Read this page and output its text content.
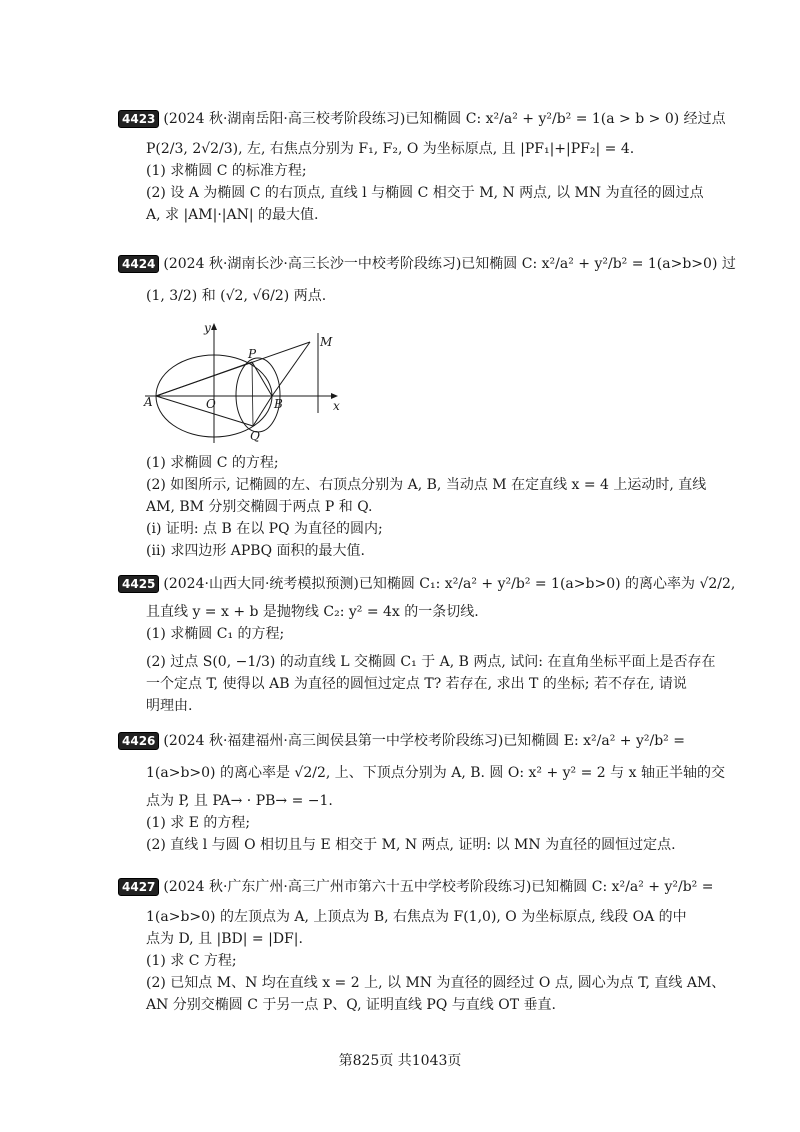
4423 (2024 秋·湖南岳阳·高三校考阶段练习)已知椭圆 C: x²/a² + y²/b² = 1(a > b > 0) 经过点

P(2/3, 2√2/3), 左, 右焦点分别为 F₁, F₂, O 为坐标原点, 且 |PF₁|+|PF₂| = 4.

(1) 求椭圆 C 的标准方程;

(2) 设 A 为椭圆 C 的右顶点, 直线 l 与椭圆 C 相交于 M, N 两点, 以 MN 为直径的圆过点

A, 求 |AM|·|AN| 的最大值.

4424 (2024 秋·湖南长沙·高三长沙一中校考阶段练习)已知椭圆 C: x²/a² + y²/b² = 1(a>b>0) 过

(1, 3/2) 和 (√2, √6/2) 两点.

y
x
A	O	B
P
Q
M

(1) 求椭圆 C 的方程;

(2) 如图所示, 记椭圆的左、右顶点分别为 A, B, 当动点 M 在定直线 x = 4 上运动时, 直线

AM, BM 分别交椭圆于两点 P 和 Q.

(i) 证明: 点 B 在以 PQ 为直径的圆内;

(ii) 求四边形 APBQ 面积的最大值.

4425 (2024·山西大同·统考模拟预测)已知椭圆 C₁: x²/a² + y²/b² = 1(a>b>0) 的离心率为 √2/2,

且直线 y = x + b 是抛物线 C₂: y² = 4x 的一条切线.

(1) 求椭圆 C₁ 的方程;

(2) 过点 S(0, −1/3) 的动直线 L 交椭圆 C₁ 于 A, B 两点, 试问: 在直角坐标平面上是否存在

一个定点 T, 使得以 AB 为直径的圆恒过定点 T? 若存在, 求出 T 的坐标; 若不存在, 请说

明理由.

4426 (2024 秋·福建福州·高三闽侯县第一中学校考阶段练习)已知椭圆 E: x²/a² + y²/b² =

1(a>b>0) 的离心率是 √2/2, 上、下顶点分别为 A, B. 圆 O: x² + y² = 2 与 x 轴正半轴的交

点为 P, 且 PA→ · PB→ = −1.

(1) 求 E 的方程;

(2) 直线 l 与圆 O 相切且与 E 相交于 M, N 两点, 证明: 以 MN 为直径的圆恒过定点.

4427 (2024 秋·广东广州·高三广州市第六十五中学校考阶段练习)已知椭圆 C: x²/a² + y²/b² =

1(a>b>0) 的左顶点为 A, 上顶点为 B, 右焦点为 F(1,0), O 为坐标原点, 线段 OA 的中

点为 D, 且 |BD| = |DF|.

(1) 求 C 方程;

(2) 已知点 M、N 均在直线 x = 2 上, 以 MN 为直径的圆经过 O 点, 圆心为点 T, 直线 AM、

AN 分别交椭圆 C 于另一点 P、Q, 证明直线 PQ 与直线 OT 垂直.

第825页 共1043页
